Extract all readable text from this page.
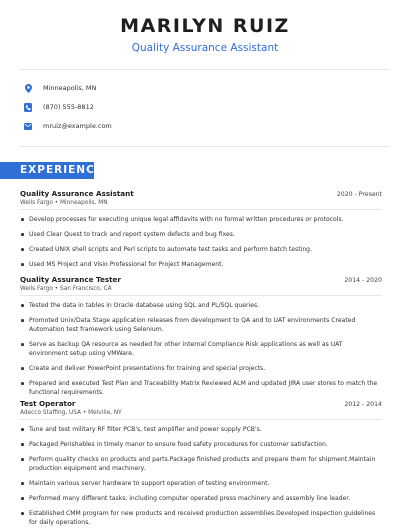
MARILYN RUIZ
Quality Assurance Assistant
Minneapolis, MN
(870) 555-8812
mruiz@example.com
EXPERIENCE
Quality Assurance Assistant	2020 - Present
Wells Fargo • Minneapolis, MN
Develop processes for executing unique legal affidavits with no formal written procedures or protocols.
Used Clear Quest to track and report system defects and bug fixes.
Created UNIX shell scripts and Perl scripts to automate test tasks and perform batch testing.
Used MS Project and Visio Professional for Project Management.
Quality Assurance Tester	2014 - 2020
Wells Fargo • San Francisco, CA
Tested the data in tables in Oracle database using SQL and PL/SQL queries.
Promoted Unix/Data Stage application releases from development to QA and to UAT environments Created Automation test framework using Selenium.
Serve as backup QA resource as needed for other internal Compliance Risk applications as well as UAT environment setup using VMWare.
Create and deliver PowerPoint presentations for training and special projects.
Prepared and executed Test Plan and Traceability Matrix Reviewed ALM and updated JIRA user stores to match the functional requirements.
Test Operator	2012 - 2014
Adecco Staffing, USA • Melville, NY
Tune and test military RF filter PCB's, test amplifier and power supply PCB's.
Packaged Perishables in timely manor to ensure food safety procedures for customer satisfaction.
Perform quality checks on products and parts.Package finished products and prepare them for shipment.Maintain production equipment and machinery.
Maintain various server hardware to support operation of testing environment.
Performed many different tasks, including computer operated press machinery and assembly line leader.
Established CMM program for new products and received production assemblies.Developed inspection guidelines for daily operations.
